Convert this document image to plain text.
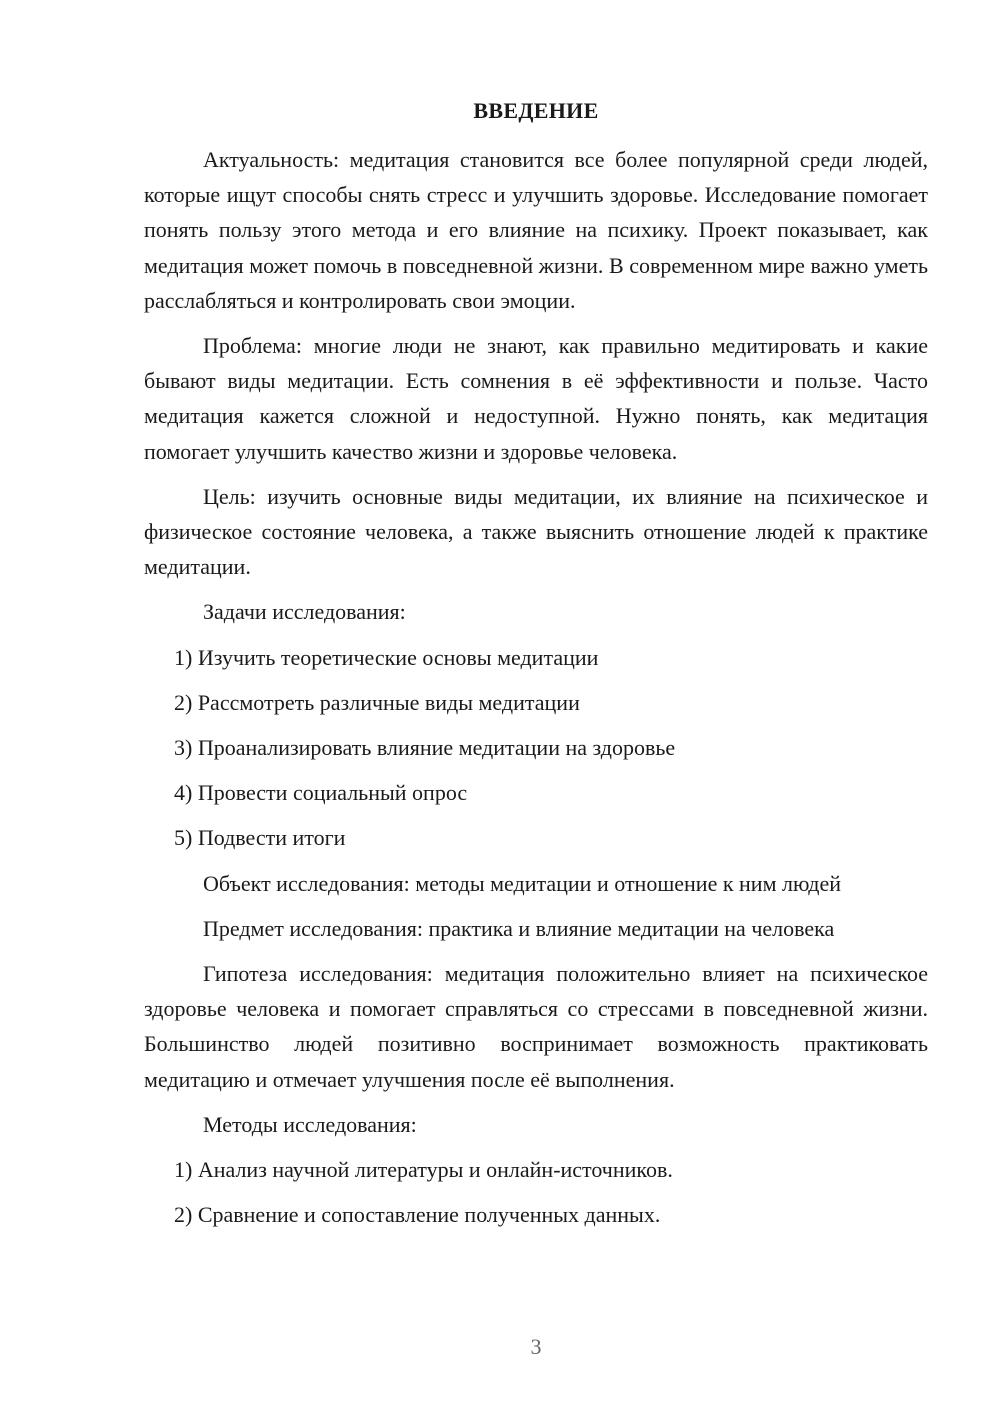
ВВЕДЕНИЕ

Актуальность: медитация становится все более популярной среди людей, которые ищут способы снять стресс и улучшить здоровье. Исследование помогает понять пользу этого метода и его влияние на психику. Проект показывает, как медитация может помочь в повседневной жизни. В современном мире важно уметь расслабляться и контролировать свои эмоции.

Проблема: многие люди не знают, как правильно медитировать и какие бывают виды медитации. Есть сомнения в её эффективности и пользе. Часто медитация кажется сложной и недоступной. Нужно понять, как медитация помогает улучшить качество жизни и здоровье человека.

Цель: изучить основные виды медитации, их влияние на психическое и физическое состояние человека, а также выяснить отношение людей к практике медитации.

Задачи исследования:

1) Изучить теоретические основы медитации

2) Рассмотреть различные виды медитации

3) Проанализировать влияние медитации на здоровье

4) Провести социальный опрос

5) Подвести итоги

Объект исследования: методы медитации и отношение к ним людей

Предмет исследования: практика и влияние медитации на человека

Гипотеза исследования: медитация положительно влияет на психическое здоровье человека и помогает справляться со стрессами в повседневной жизни. Большинство людей позитивно воспринимает возможность практиковать медитацию и отмечает улучшения после её выполнения.

Методы исследования:

1) Анализ научной литературы и онлайн-источников.

2) Сравнение и сопоставление полученных данных.

3
